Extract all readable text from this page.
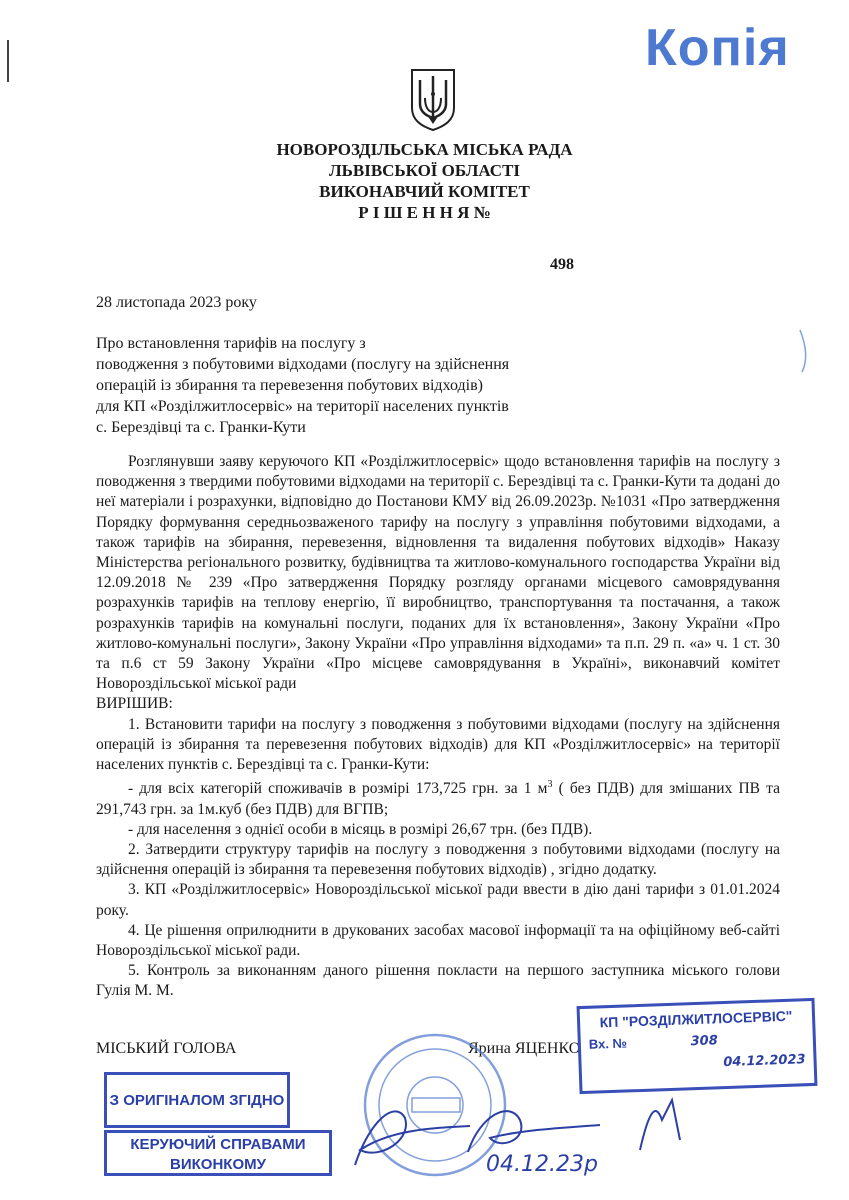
Копія
НОВОРОЗДІЛЬСЬКА МІСЬКА РАДА
ЛЬВІВСЬКОЇ ОБЛАСТІ
ВИКОНАВЧИЙ КОМІТЕТ
Р І Ш Е Н Н Я №
498
28 листопада 2023 року
Про встановлення тарифів на послугу з
поводження з побутовими відходами (послугу на здійснення
операцій із збирання та перевезення побутових відходів)
для КП «Розділжитлосервіс» на території населених пунктів
с. Берездівці та с. Гранки-Кути

Розглянувши заяву керуючого КП «Розділжитлосервіс» щодо встановлення тарифів на послугу з поводження з твердими побутовими відходами на території с. Берездівці та с. Гранки-Кути та додані до неї матеріали і розрахунки, відповідно до Постанови КМУ від 26.09.2023р. №1031 «Про затвердження Порядку формування середньозваженого тарифу на послугу з управління побутовими відходами, а також тарифів на збирання, перевезення, відновлення та видалення побутових відходів» Наказу Міністерства регіонального розвитку, будівництва та житлово-комунального господарства України від 12.09.2018 № 239 «Про затвердження Порядку розгляду органами місцевого самоврядування розрахунків тарифів на теплову енергію, її виробництво, транспортування та постачання, а також розрахунків тарифів на комунальні послуги, поданих для їх встановлення», Закону України «Про житлово-комунальні послуги», Закону України «Про управління відходами» та п.п. 29 п. «а» ч. 1 ст. 30 та п.6 ст 59 Закону України «Про місцеве самоврядування в Україні», виконавчий комітет Новороздільської міської ради

ВИРІШИВ:

1. Встановити тарифи на послугу з поводження з побутовими відходами (послугу на здійснення операцій із збирання та перевезення побутових відходів) для КП «Розділжитлосервіс» на території населених пунктів с. Берездівці та с. Гранки-Кути:

- для всіх категорій споживачів в розмірі 173,725 грн. за 1 $м^3$ ( без ПДВ) для змішаних ПВ та 291,743 грн. за 1м.куб (без ПДВ) для ВГПВ;

- для населення з однієї особи в місяць в розмірі 26,67 трн. (без ПДВ).

2. Затвердити структуру тарифів на послугу з поводження з побутовими відходами (послугу на здійснення операцій із збирання та перевезення побутових відходів) , згідно додатку.

3. КП «Розділжитлосервіс» Новороздільської міської ради ввести в дію дані тарифи з 01.01.2024 року.

4. Це рішення оприлюднити в друкованих засобах масової інформації та на офіційному веб-сайті Новороздільської міської ради.

5. Контроль за виконанням даного рішення покласти на першого заступника міського голови Гулія М. М.

МІСЬКИЙ ГОЛОВА	Ярина ЯЦЕНКО
З ОРИГІНАЛОМ ЗГІДНО
КЕРУЮЧИЙ СПРАВАМИ
ВИКОНКОМУ
КП "РОЗДІЛЖИТЛОСЕРВІС"
Вх. №	308
04.12.2023
04.12.23р
